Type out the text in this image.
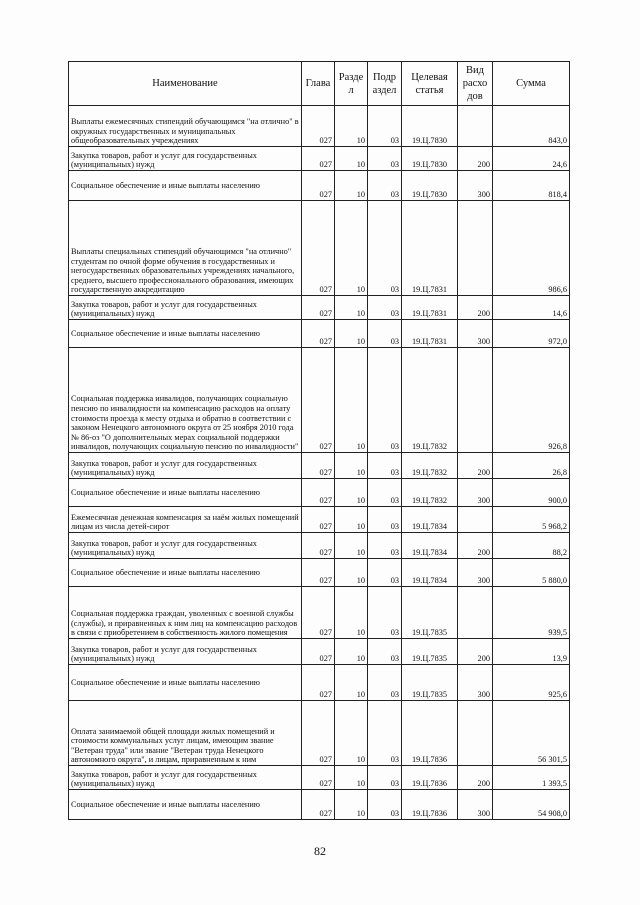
Наименование	Глава	Разде л	Подр аздел	Целевая статья	Вид расхо дов	Сумма
Выплаты ежемесячных стипендий обучающимся "на отлично" в окружных государственных и муниципальных общеобразовательных учреждениях	027	10	03	19.Ц.7830		843,0
Закупка товаров, работ и услуг для государственных (муниципальных) нужд	027	10	03	19.Ц.7830	200	24,6
Социальное обеспечение и иные выплаты населению	027	10	03	19.Ц.7830	300	818,4
Выплаты специальных стипендий обучающимся "на отлично" студентам по очной форме обучения в государственных и негосударственных образовательных учреждениях начального, среднего, высшего профессионального образования, имеющих государственную аккредитацию	027	10	03	19.Ц.7831		986,6
Закупка товаров, работ и услуг для государственных (муниципальных) нужд	027	10	03	19.Ц.7831	200	14,6
Социальное обеспечение и иные выплаты населению	027	10	03	19.Ц.7831	300	972,0
Социальная поддержка инвалидов, получающих социальную пенсию по инвалидности на компенсацию расходов на оплату стоимости проезда к месту отдыха и обратно в соответствии с законом Ненецкого автономного округа от 25 ноября 2010 года № 86-оз "О дополнительных мерах социальной поддержки инвалидов, получающих социальную пенсию по инвалидности"	027	10	03	19.Ц.7832		926,8
Закупка товаров, работ и услуг для государственных (муниципальных) нужд	027	10	03	19.Ц.7832	200	26,8
Социальное обеспечение и иные выплаты населению	027	10	03	19.Ц.7832	300	900,0
Ежемесячная денежная компенсация за наём жилых помещений лицам из числа детей-сирот	027	10	03	19.Ц.7834		5 968,2
Закупка товаров, работ и услуг для государственных (муниципальных) нужд	027	10	03	19.Ц.7834	200	88,2
Социальное обеспечение и иные выплаты населению	027	10	03	19.Ц.7834	300	5 880,0
Социальная поддержка граждан, уволенных с военной службы (службы), и приравненных к ним лиц на компенсацию расходов в связи с приобретением в собственность жилого помещения	027	10	03	19.Ц.7835		939,5
Закупка товаров, работ и услуг для государственных (муниципальных) нужд	027	10	03	19.Ц.7835	200	13,9
Социальное обеспечение и иные выплаты населению	027	10	03	19.Ц.7835	300	925,6
Оплата занимаемой общей площади жилых помещений и стоимости коммунальных услуг лицам, имеющим звание "Ветеран труда" или звание "Ветеран труда Ненецкого автономного округа", и лицам, приравненным к ним	027	10	03	19.Ц.7836		56 301,5
Закупка товаров, работ и услуг для государственных (муниципальных) нужд	027	10	03	19.Ц.7836	200	1 393,5
Социальное обеспечение и иные выплаты населению	027	10	03	19.Ц.7836	300	54 908,0
82
